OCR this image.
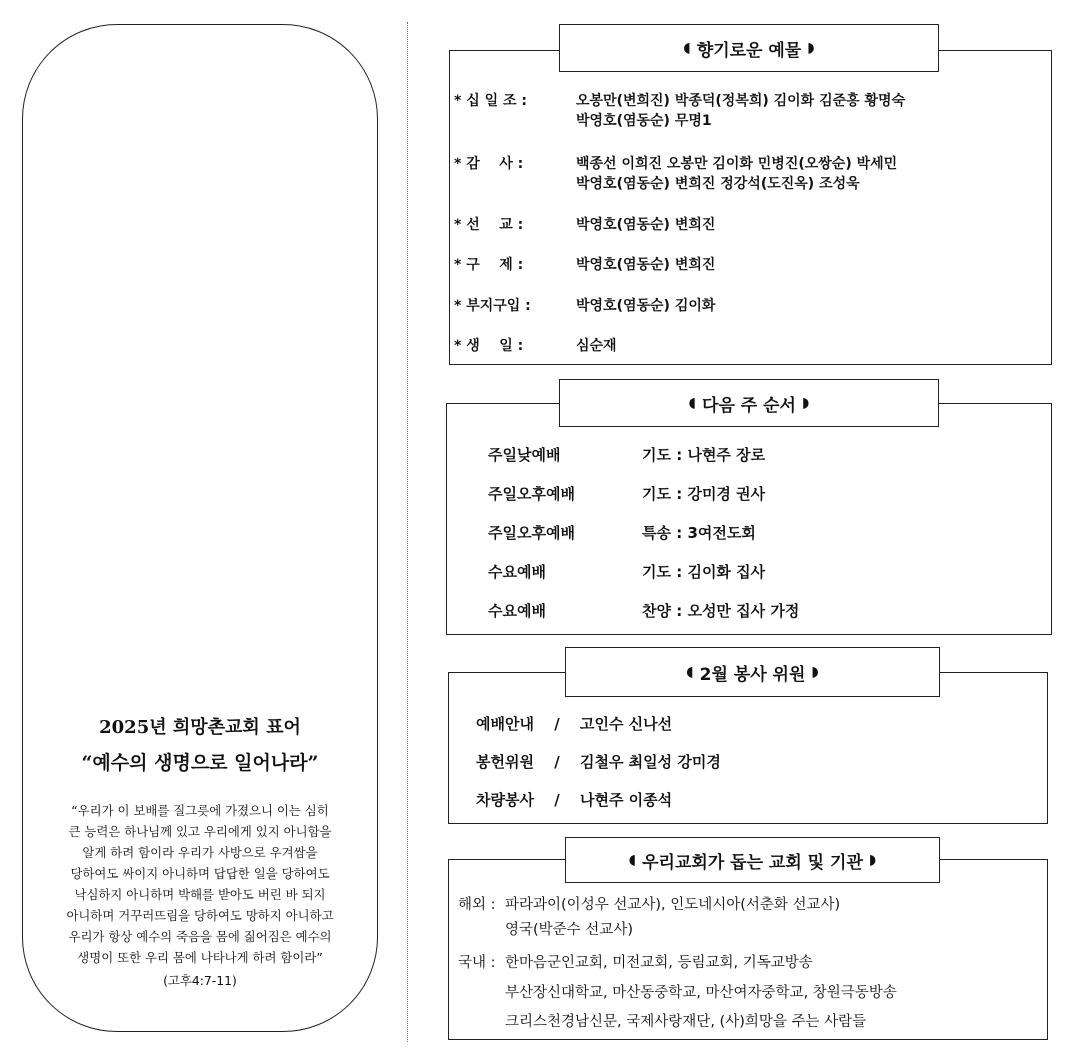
2025년 희망촌교회 표어
“예수의 생명으로 일어나라”
“우리가 이 보배를 질그릇에 가졌으니 이는 심히
큰 능력은 하나님께 있고 우리에게 있지 아니함을
알게 하려 함이라 우리가 사방으로 우겨쌈을
당하여도 싸이지 아니하며 답답한 일을 당하여도
낙심하지 아니하며 박해를 받아도 버린 바 되지
아니하며 거꾸러뜨림을 당하여도 망하지 아니하고
우리가 항상 예수의 죽음을 몸에 짊어짐은 예수의
생명이 또한 우리 몸에 나타나게 하려 함이라”
(고후4:7-11)
◖ 향기로운 예물 ◗
* 십 일 조 :	오봉만(변희진) 박종덕(정복희) 김이화 김준홍 황명숙
박영호(염동순) 무명1
* 감    사 :	백종선 이희진 오봉만 김이화 민병진(오쌍순) 박세민
박영호(염동순) 변희진 정강석(도진옥) 조성욱
* 선    교 :	박영호(염동순) 변희진
* 구    제 :	박영호(염동순) 변희진
* 부지구입 :	박영호(염동순) 김이화
* 생    일 :	심순재
◖ 다음 주 순서 ◗
주일낮예배 기도 : 나현주 장로
주일오후예배 기도 : 강미경 권사
주일오후예배 특송 : 3여전도회
수요예배 기도 : 김이화 집사
수요예배 찬양 : 오성만 집사 가정
◖ 2월 봉사 위원 ◗
예배안내 / 고인수 신나선
봉헌위원 / 김철우 최일성 강미경
차량봉사 / 나현주 이종석
◖ 우리교회가 돕는 교회 및 기관 ◗
해외 : 파라과이(이성우 선교사), 인도네시아(서춘화 선교사)
영국(박준수 선교사)
국내 : 한마음군인교회, 미전교회, 등림교회, 기독교방송
부산장신대학교, 마산동중학교, 마산여자중학교, 창원극동방송
크리스천경남신문, 국제사랑재단, (사)희망을 주는 사람들
